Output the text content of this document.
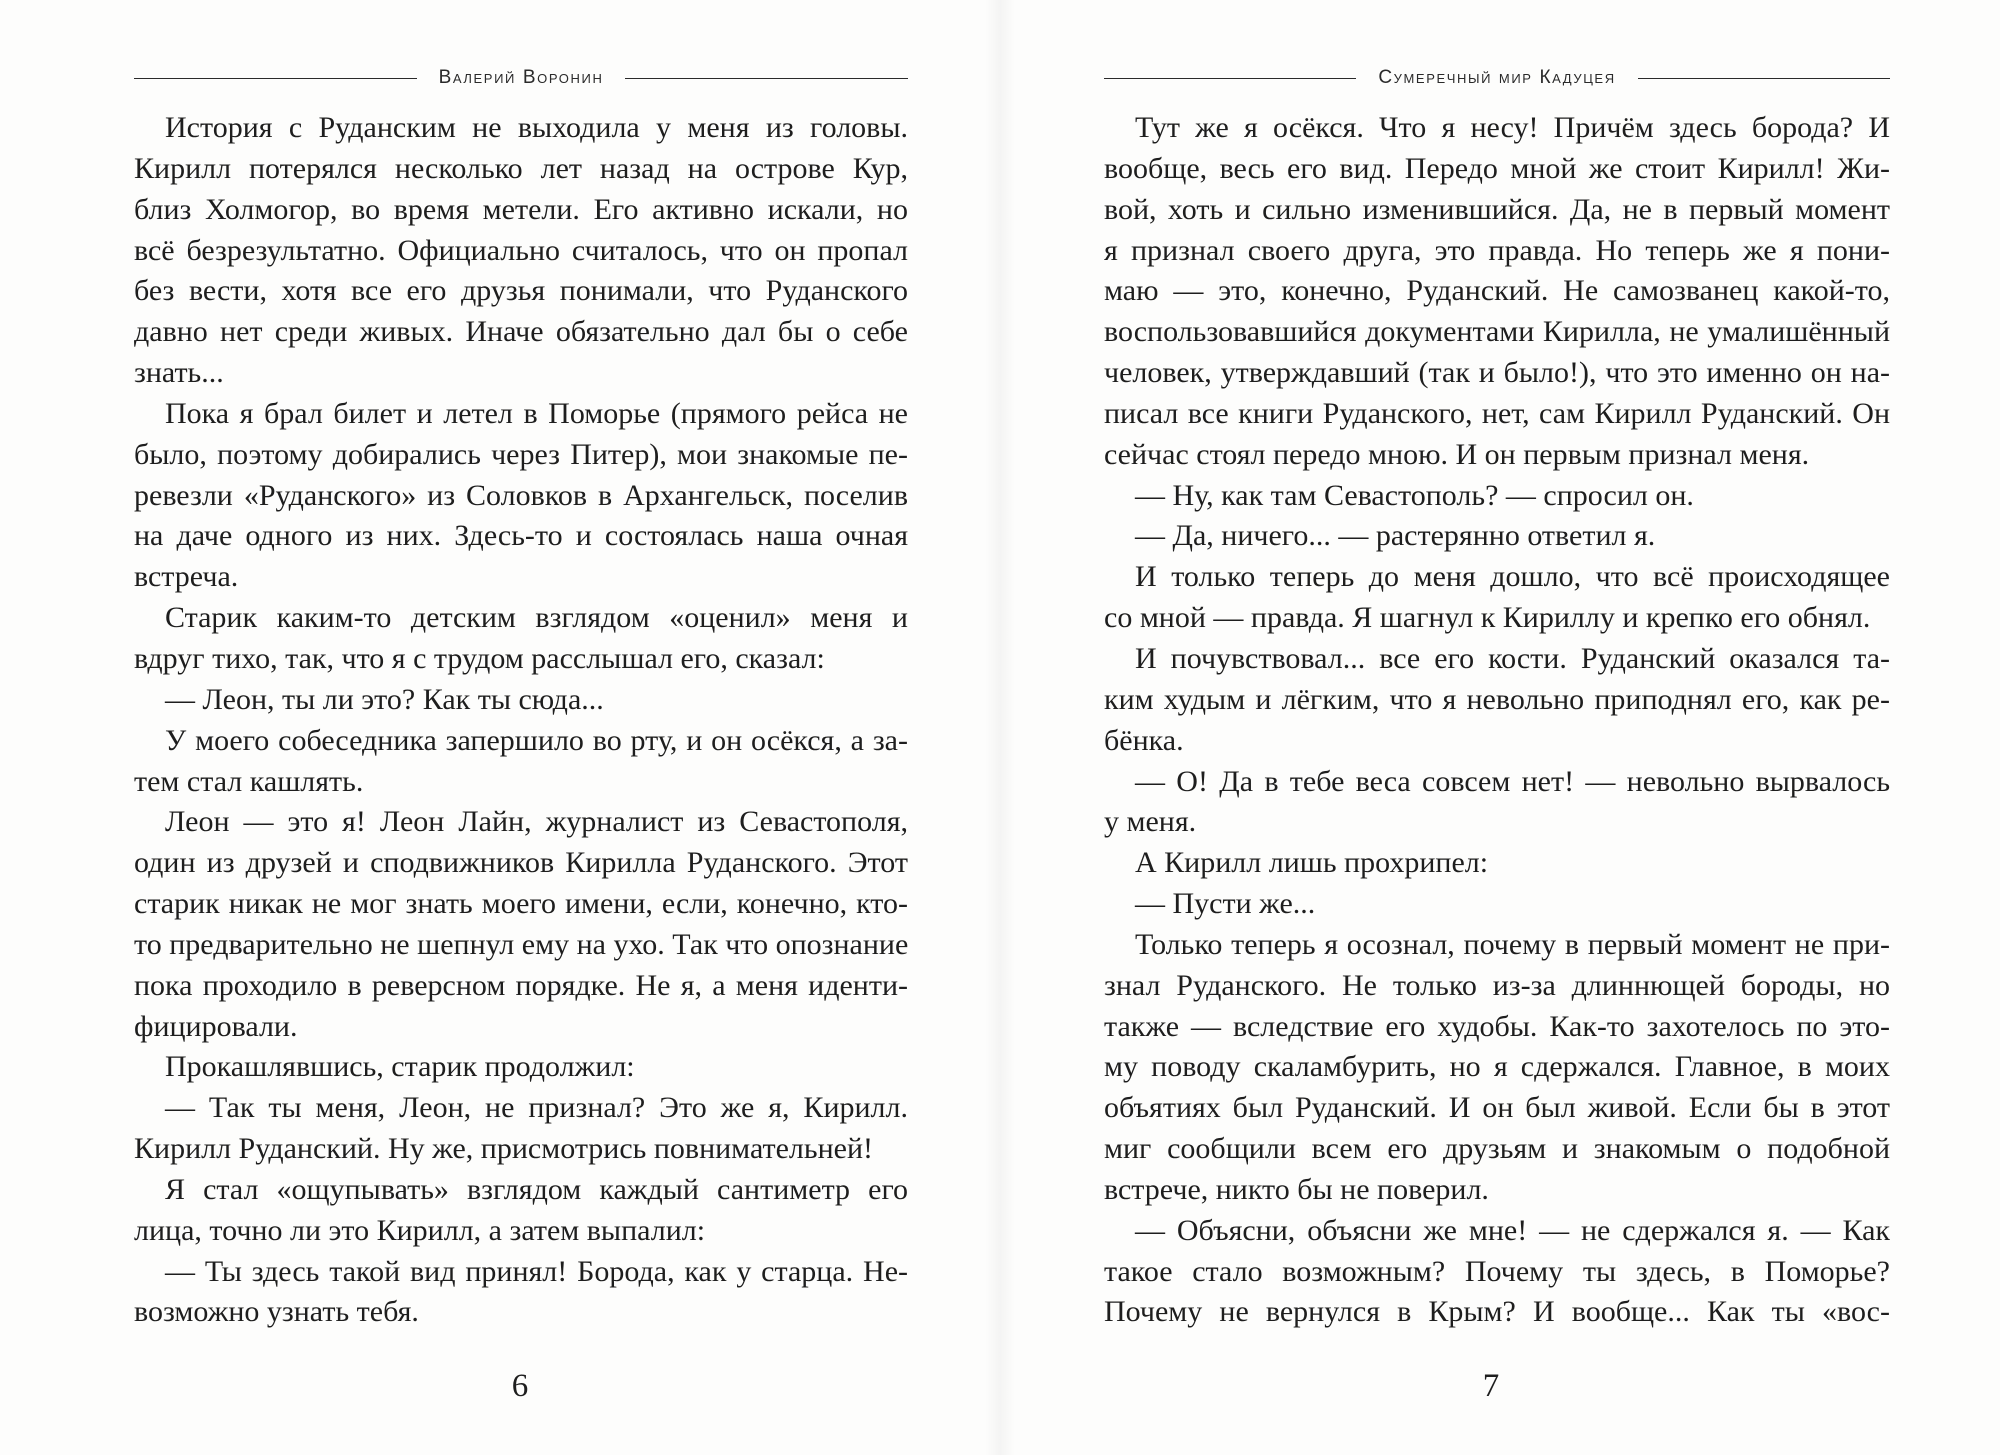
Валерий Воронин
История с Руданским не выходила у меня из головы.
Кирилл потерялся несколько лет назад на острове Кур,
близ Холмогор, во время метели. Его активно искали, но
всё безрезультатно. Официально считалось, что он пропал
без вести, хотя все его друзья понимали, что Руданского
давно нет среди живых. Иначе обязательно дал бы о себе
знать...
Пока я брал билет и летел в Поморье (прямого рейса не
было, поэтому добирались через Питер), мои знакомые пе-
ревезли «Руданского» из Соловков в Архангельск, поселив
на даче одного из них. Здесь-то и состоялась наша очная
встреча.
Старик каким-то детским взглядом «оценил» меня и
вдруг тихо, так, что я с трудом расслышал его, сказал:
— Леон, ты ли это? Как ты сюда...
У моего собеседника запершило во рту, и он осёкся, а за-
тем стал кашлять.
Леон — это я! Леон Лайн, журналист из Севастополя,
один из друзей и сподвижников Кирилла Руданского. Этот
старик никак не мог знать моего имени, если, конечно, кто-
то предварительно не шепнул ему на ухо. Так что опознание
пока проходило в реверсном порядке. Не я, а меня иденти-
фицировали.
Прокашлявшись, старик продолжил:
— Так ты меня, Леон, не признал? Это же я, Кирилл.
Кирилл Руданский. Ну же, присмотрись повнимательней!
Я стал «ощупывать» взглядом каждый сантиметр его
лица, точно ли это Кирилл, а затем выпалил:
— Ты здесь такой вид принял! Борода, как у старца. Не-
возможно узнать тебя.
6
Сумеречный мир Кадуцея
Тут же я осёкся. Что я несу! Причём здесь борода? И
вообще, весь его вид. Передо мной же стоит Кирилл! Жи-
вой, хоть и сильно изменившийся. Да, не в первый момент
я признал своего друга, это правда. Но теперь же я пони-
маю — это, конечно, Руданский. Не самозванец какой-то,
воспользовавшийся документами Кирилла, не умалишённый
человек, утверждавший (так и было!), что это именно он на-
писал все книги Руданского, нет, сам Кирилл Руданский. Он
сейчас стоял передо мною. И он первым признал меня.
— Ну, как там Севастополь? — спросил он.
— Да, ничего... — растерянно ответил я.
И только теперь до меня дошло, что всё происходящее
со мной — правда. Я шагнул к Кириллу и крепко его обнял.
И почувствовал... все его кости. Руданский оказался та-
ким худым и лёгким, что я невольно приподнял его, как ре-
бёнка.
— О! Да в тебе веса совсем нет! — невольно вырвалось
у меня.
А Кирилл лишь прохрипел:
— Пусти же...
Только теперь я осознал, почему в первый момент не при-
знал Руданского. Не только из-за длиннющей бороды, но
также — вследствие его худобы. Как-то захотелось по это-
му поводу скаламбурить, но я сдержался. Главное, в моих
объятиях был Руданский. И он был живой. Если бы в этот
миг сообщили всем его друзьям и знакомым о подобной
встрече, никто бы не поверил.
— Объясни, объясни же мне! — не сдержался я. — Как
такое стало возможным? Почему ты здесь, в Поморье?
Почему не вернулся в Крым? И вообще... Как ты «вос-
7
